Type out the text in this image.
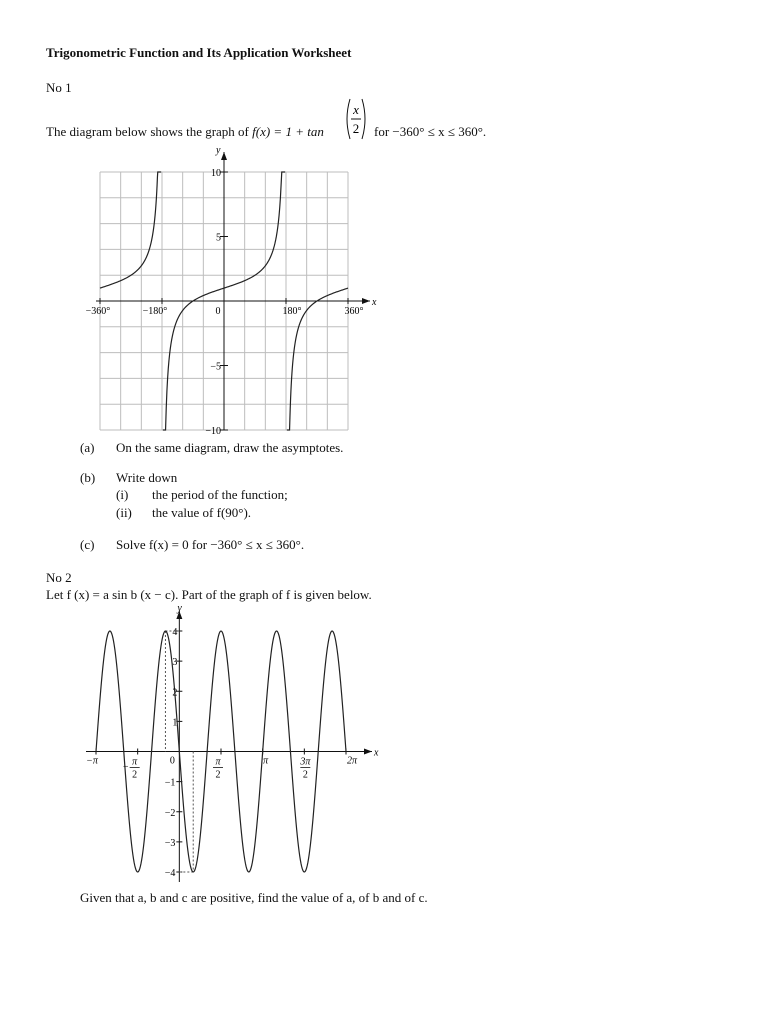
Trigonometric Function and Its Application Worksheet
No 1
The diagram below shows the graph of f(x) = 1 + tan
x
2 for −360° ≤ x ≤ 360°.
−360°	−180°	0	180°	360°
10
5
−5
−10
x
y
(a) On the same diagram, draw the asymptotes.
(b) Write down
(i) the period of the function;
(ii) the value of f(90°).
(c) Solve f(x) = 0 for −360° ≤ x ≤ 360°.
No 2
Let f (x) = a sin b (x − c). Part of the graph of f is given below.
−π
− π
2
0	π
2
π	3π
2
2π
4
3
2
1
−1
−2
−3
−4
x
y
Given that a, b and c are positive, find the value of a, of b and of c.
